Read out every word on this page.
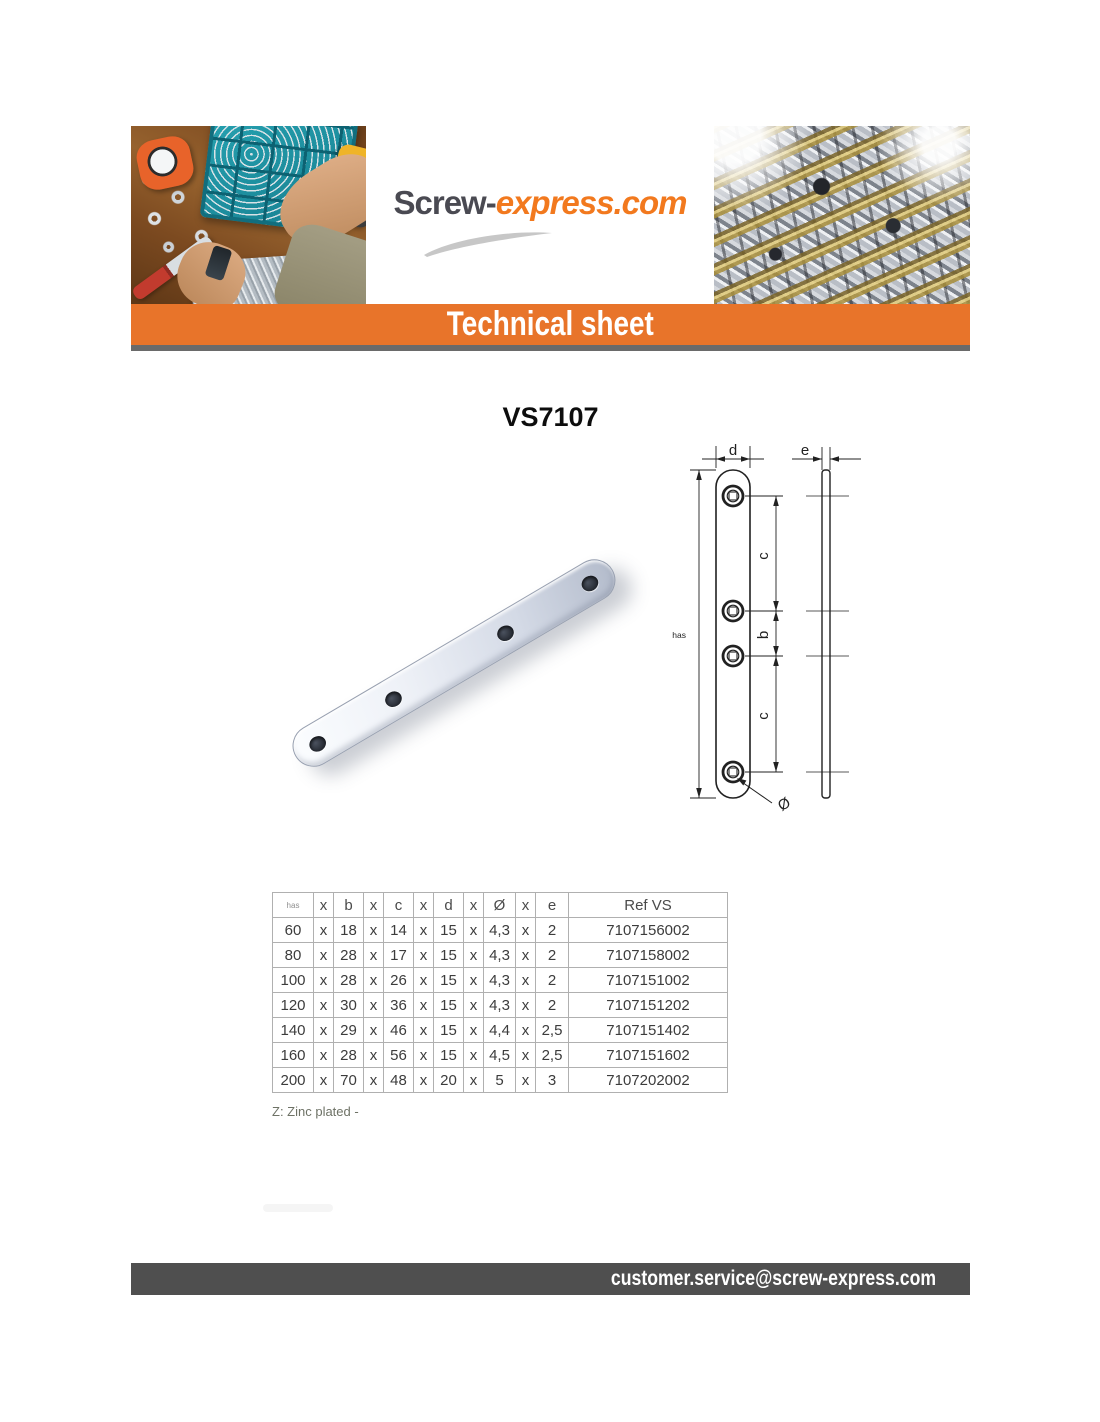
Screw-express.com
Technical sheet
VS7107
d	e
has
c
b
c
Ø
has	x	b	x	c	x	d	x	Ø	x	e	Ref VS
60	x	18	x	14	x	15	x	4,3	x	2	7107156002
80	x	28	x	17	x	15	x	4,3	x	2	7107158002
100	x	28	x	26	x	15	x	4,3	x	2	7107151002
120	x	30	x	36	x	15	x	4,3	x	2	7107151202
140	x	29	x	46	x	15	x	4,4	x	2,5	7107151402
160	x	28	x	56	x	15	x	4,5	x	2,5	7107151602
200	x	70	x	48	x	20	x	5	x	3	7107202002
Z: Zinc plated -
customer.service@screw-express.com
